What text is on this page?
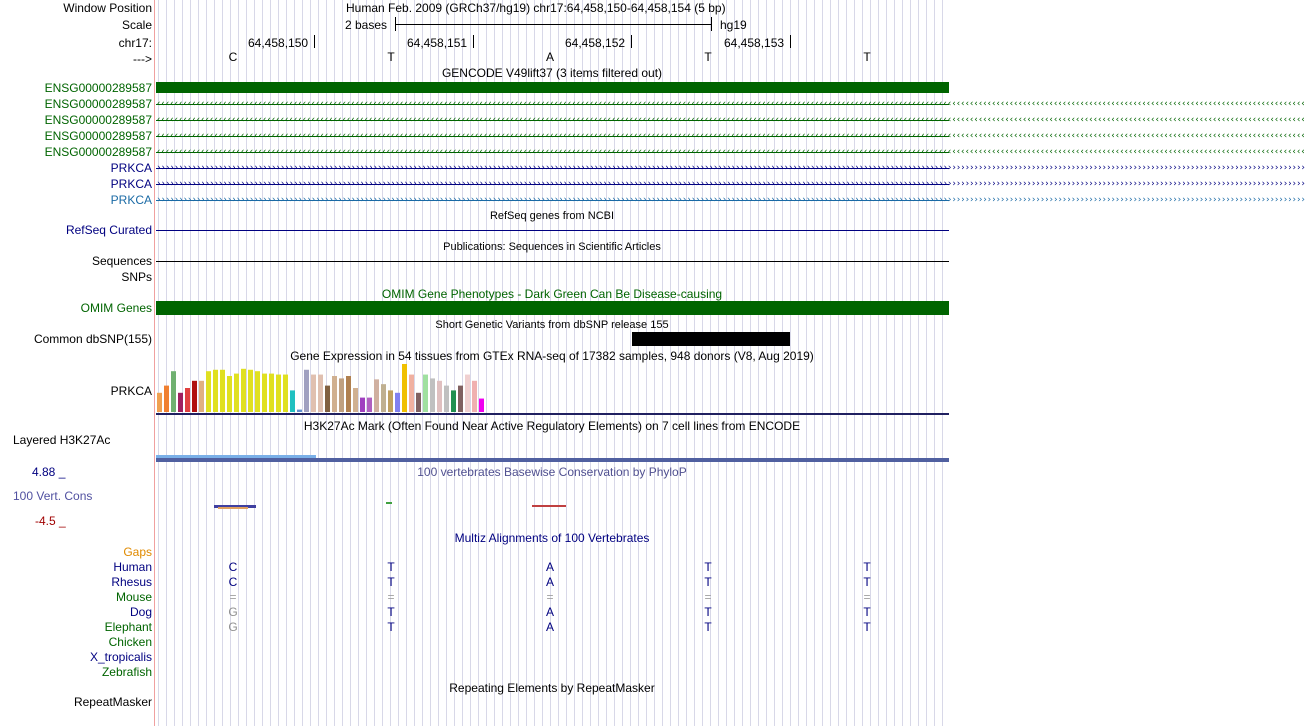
Window Position	Human Feb. 2009 (GRCh37/hg19) chr17:64,458,150-64,458,154 (5 bp)
Scale	2 bases	hg19
chr17:	64,458,150	64,458,151	64,458,152	64,458,153
--->	C	T	A	T	T
GENCODE V49lift37 (3 items filtered out)
ENSG00000289587
ENSG00000289587 ‹‹‹‹‹‹‹‹‹‹‹‹‹‹‹‹‹‹‹‹‹‹‹‹‹‹‹‹‹‹‹‹‹‹‹‹‹‹‹‹‹‹‹‹‹‹‹‹‹‹‹‹‹‹‹‹‹‹‹‹‹‹‹‹‹‹‹‹‹‹‹‹‹‹‹‹‹‹‹‹‹‹‹‹‹‹‹‹‹‹‹‹‹‹‹‹‹‹‹‹‹‹‹‹‹‹‹‹‹‹‹‹‹‹‹‹‹‹‹‹‹‹‹‹‹‹‹‹‹‹‹‹‹‹‹‹‹‹‹‹‹‹‹‹‹‹‹‹‹‹‹‹‹‹‹‹‹‹‹‹‹‹‹‹‹‹‹‹‹‹‹‹‹‹‹‹‹‹‹‹‹‹‹‹‹‹‹‹‹‹‹‹‹‹‹‹‹‹‹‹‹‹‹‹‹‹‹‹‹‹‹‹‹‹‹‹‹‹‹‹‹‹‹‹‹‹‹‹‹‹‹‹‹‹‹‹‹‹‹‹‹‹‹‹‹‹‹‹‹‹‹‹‹‹‹‹‹‹‹‹
ENSG00000289587 ‹‹‹‹‹‹‹‹‹‹‹‹‹‹‹‹‹‹‹‹‹‹‹‹‹‹‹‹‹‹‹‹‹‹‹‹‹‹‹‹‹‹‹‹‹‹‹‹‹‹‹‹‹‹‹‹‹‹‹‹‹‹‹‹‹‹‹‹‹‹‹‹‹‹‹‹‹‹‹‹‹‹‹‹‹‹‹‹‹‹‹‹‹‹‹‹‹‹‹‹‹‹‹‹‹‹‹‹‹‹‹‹‹‹‹‹‹‹‹‹‹‹‹‹‹‹‹‹‹‹‹‹‹‹‹‹‹‹‹‹‹‹‹‹‹‹‹‹‹‹‹‹‹‹‹‹‹‹‹‹‹‹‹‹‹‹‹‹‹‹‹‹‹‹‹‹‹‹‹‹‹‹‹‹‹‹‹‹‹‹‹‹‹‹‹‹‹‹‹‹‹‹‹‹‹‹‹‹‹‹‹‹‹‹‹‹‹‹‹‹‹‹‹‹‹‹‹‹‹‹‹‹‹‹‹‹‹‹‹‹‹‹‹‹‹‹‹‹‹‹‹‹‹‹‹‹‹‹‹‹
ENSG00000289587 ‹‹‹‹‹‹‹‹‹‹‹‹‹‹‹‹‹‹‹‹‹‹‹‹‹‹‹‹‹‹‹‹‹‹‹‹‹‹‹‹‹‹‹‹‹‹‹‹‹‹‹‹‹‹‹‹‹‹‹‹‹‹‹‹‹‹‹‹‹‹‹‹‹‹‹‹‹‹‹‹‹‹‹‹‹‹‹‹‹‹‹‹‹‹‹‹‹‹‹‹‹‹‹‹‹‹‹‹‹‹‹‹‹‹‹‹‹‹‹‹‹‹‹‹‹‹‹‹‹‹‹‹‹‹‹‹‹‹‹‹‹‹‹‹‹‹‹‹‹‹‹‹‹‹‹‹‹‹‹‹‹‹‹‹‹‹‹‹‹‹‹‹‹‹‹‹‹‹‹‹‹‹‹‹‹‹‹‹‹‹‹‹‹‹‹‹‹‹‹‹‹‹‹‹‹‹‹‹‹‹‹‹‹‹‹‹‹‹‹‹‹‹‹‹‹‹‹‹‹‹‹‹‹‹‹‹‹‹‹‹‹‹‹‹‹‹‹‹‹‹‹‹‹‹‹‹‹‹‹‹
ENSG00000289587 ‹‹‹‹‹‹‹‹‹‹‹‹‹‹‹‹‹‹‹‹‹‹‹‹‹‹‹‹‹‹‹‹‹‹‹‹‹‹‹‹‹‹‹‹‹‹‹‹‹‹‹‹‹‹‹‹‹‹‹‹‹‹‹‹‹‹‹‹‹‹‹‹‹‹‹‹‹‹‹‹‹‹‹‹‹‹‹‹‹‹‹‹‹‹‹‹‹‹‹‹‹‹‹‹‹‹‹‹‹‹‹‹‹‹‹‹‹‹‹‹‹‹‹‹‹‹‹‹‹‹‹‹‹‹‹‹‹‹‹‹‹‹‹‹‹‹‹‹‹‹‹‹‹‹‹‹‹‹‹‹‹‹‹‹‹‹‹‹‹‹‹‹‹‹‹‹‹‹‹‹‹‹‹‹‹‹‹‹‹‹‹‹‹‹‹‹‹‹‹‹‹‹‹‹‹‹‹‹‹‹‹‹‹‹‹‹‹‹‹‹‹‹‹‹‹‹‹‹‹‹‹‹‹‹‹‹‹‹‹‹‹‹‹‹‹‹‹‹‹‹‹‹‹‹‹‹‹‹‹‹
PRKCA ››››››››››››››››››››››››››››››››››››››››››››››››››››››››››››››››››››››››››››››››››››››››››››››››››››››››››››››››››››››››››››››››››››››››››››››››››››››››››››››››››››››››››››››››››››››››››››››››››››››››››››››››››››››››››››››››››››››››››››››››››››››››››››››››››››
PRKCA ››››››››››››››››››››››››››››››››››››››››››››››››››››››››››››››››››››››››››››››››››››››››››››››››››››››››››››››››››››››››››››››››››››››››››››››››››››››››››››››››››››››››››››››››››››››››››››››››››››››››››››››››››››››››››››››››››››››››››››››››››››››››››››››››››››
PRKCA ››››››››››››››››››››››››››››››››››››››››››››››››››››››››››››››››››››››››››››››››››››››››››››››››››››››››››››››››››››››››››››››››››››››››››››››››››››››››››››››››››››››››››››››››››››››››››››››››››››››››››››››››››››››››››››››››››››››››››››››››››››››››››››››››››››
RefSeq genes from NCBI
RefSeq Curated
Publications: Sequences in Scientific Articles
Sequences
SNPs
OMIM Gene Phenotypes - Dark Green Can Be Disease-causing
OMIM Genes
Short Genetic Variants from dbSNP release 155
Common dbSNP(155)
Gene Expression in 54 tissues from GTEx RNA-seq of 17382 samples, 948 donors (V8, Aug 2019)
PRKCA
H3K27Ac Mark (Often Found Near Active Regulatory Elements) on 7 cell lines from ENCODE
Layered H3K27Ac
4.88 _	100 vertebrates Basewise Conservation by PhyloP
100 Vert. Cons
-4.5 _
Multiz Alignments of 100 Vertebrates
Gaps
Human	C	T	A	T	T
Rhesus	C	T	A	T	T
Mouse	=	=	=	=	=
Dog	G	T	A	T	T
Elephant	G	T	A	T	T
Chicken
X_tropicalis
Zebrafish
Repeating Elements by RepeatMasker
RepeatMasker
